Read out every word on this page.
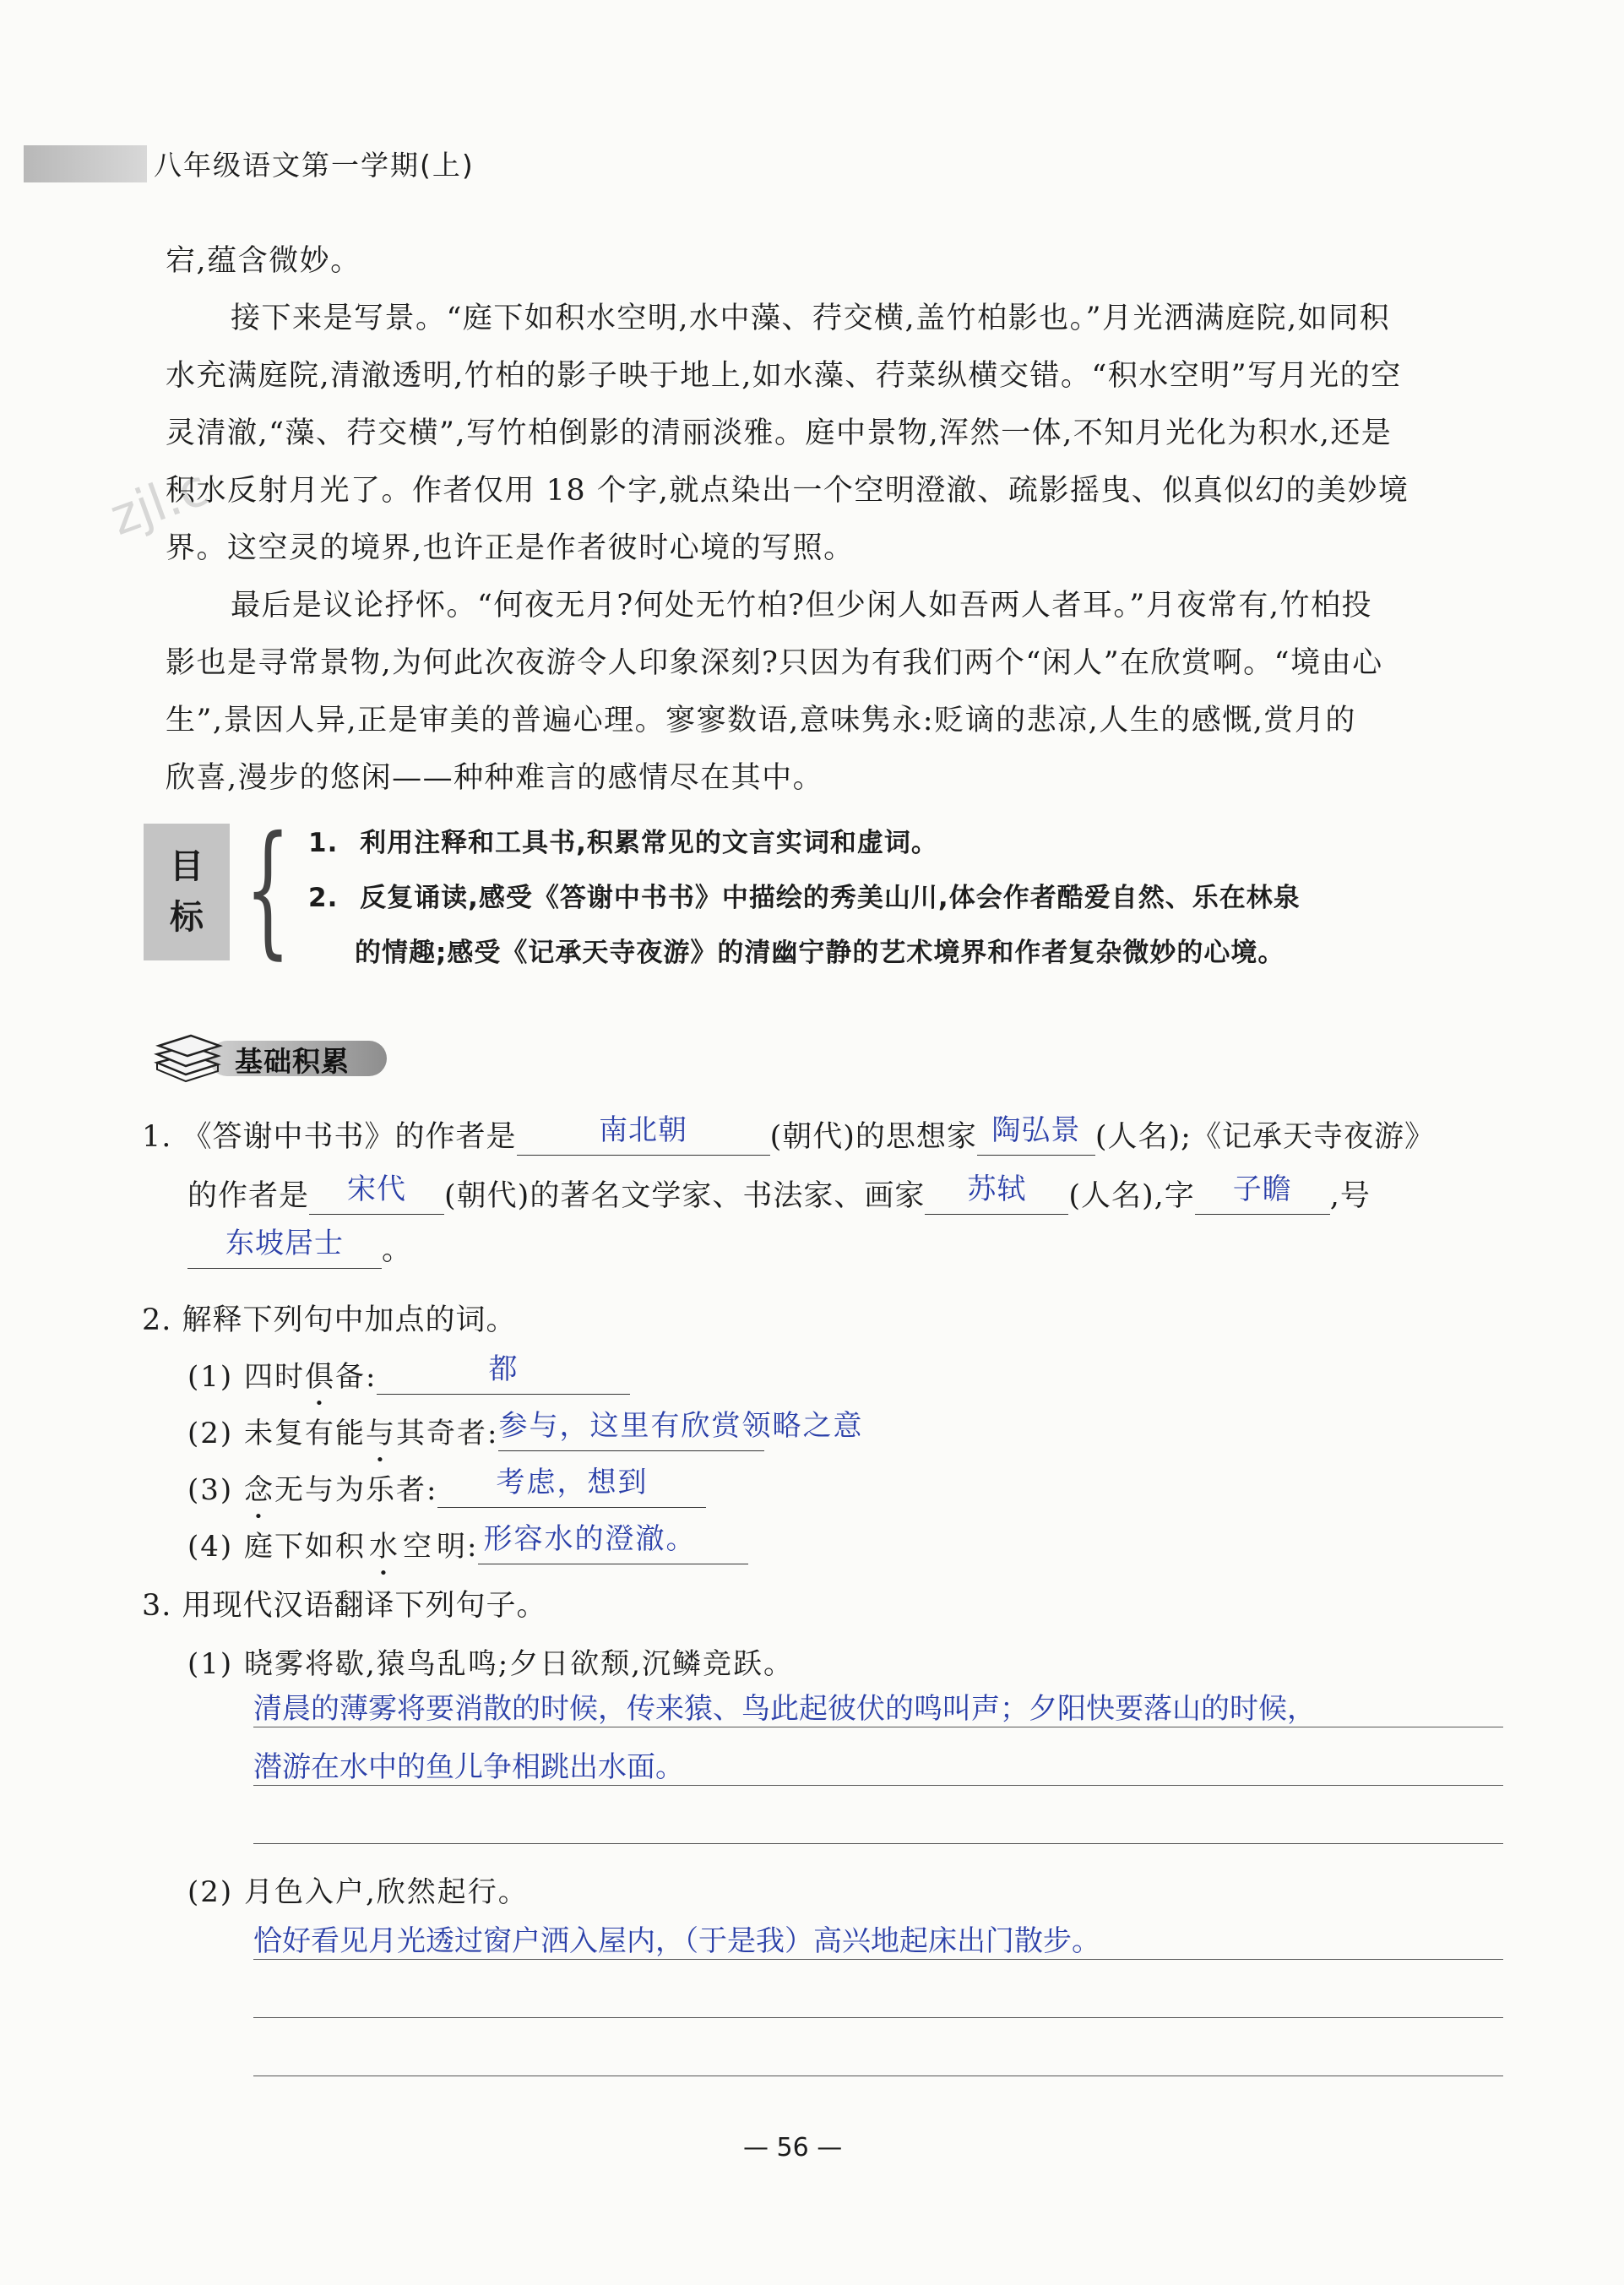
八年级语文第一学期(上)
zjl.c

宕,蕴含微妙。

接下来是写景。“庭下如积水空明,水中藻、荇交横,盖竹柏影也。”月光洒满庭院,如同积

水充满庭院,清澈透明,竹柏的影子映于地上,如水藻、荇菜纵横交错。“积水空明”写月光的空

灵清澈,“藻、荇交横”,写竹柏倒影的清丽淡雅。庭中景物,浑然一体,不知月光化为积水,还是

积水反射月光了。作者仅用 18 个字,就点染出一个空明澄澈、疏影摇曳、似真似幻的美妙境

界。这空灵的境界,也许正是作者彼时心境的写照。

最后是议论抒怀。“何夜无月?何处无竹柏?但少闲人如吾两人者耳。”月夜常有,竹柏投

影也是寻常景物,为何此次夜游令人印象深刻?只因为有我们两个“闲人”在欣赏啊。“境由心

生”,景因人异,正是审美的普遍心理。寥寥数语,意味隽永:贬谪的悲凉,人生的感慨,赏月的

欣喜,漫步的悠闲——种种难言的感情尽在其中。

目
标 { 1. 利用注释和工具书,积累常见的文言实词和虚词。
2. 反复诵读,感受《答谢中书书》中描绘的秀美山川,体会作者酷爱自然、乐在林泉
的情趣;感受《记承天寺夜游》的清幽宁静的艺术境界和作者复杂微妙的心境。
基础积累
1. 《答谢中书书》的作者是	南北朝	(朝代)的思想家 陶弘景 (人名);《记承天寺夜游》
的作者是	宋代	(朝代)的著名文学家、书法家、画家	苏轼	(人名),字	子瞻	,号
东坡居士	。
2. 解释下列句中加点的词。
(1) 四时俱备:	都
(2) 未复有能与其奇者: 参与，这里有欣赏领略之意
(3) 念无与为乐者:	考虑，想到
(4) 庭下如积水空明: 形容水的澄澈。
3. 用现代汉语翻译下列句子。
(1) 晓雾将歇,猿鸟乱鸣;夕日欲颓,沉鳞竞跃。
清晨的薄雾将要消散的时候，传来猿、鸟此起彼伏的鸣叫声；夕阳快要落山的时候，
潜游在水中的鱼儿争相跳出水面。
(2) 月色入户,欣然起行。
恰好看见月光透过窗户洒入屋内，（于是我）高兴地起床出门散步。
— 56 —
